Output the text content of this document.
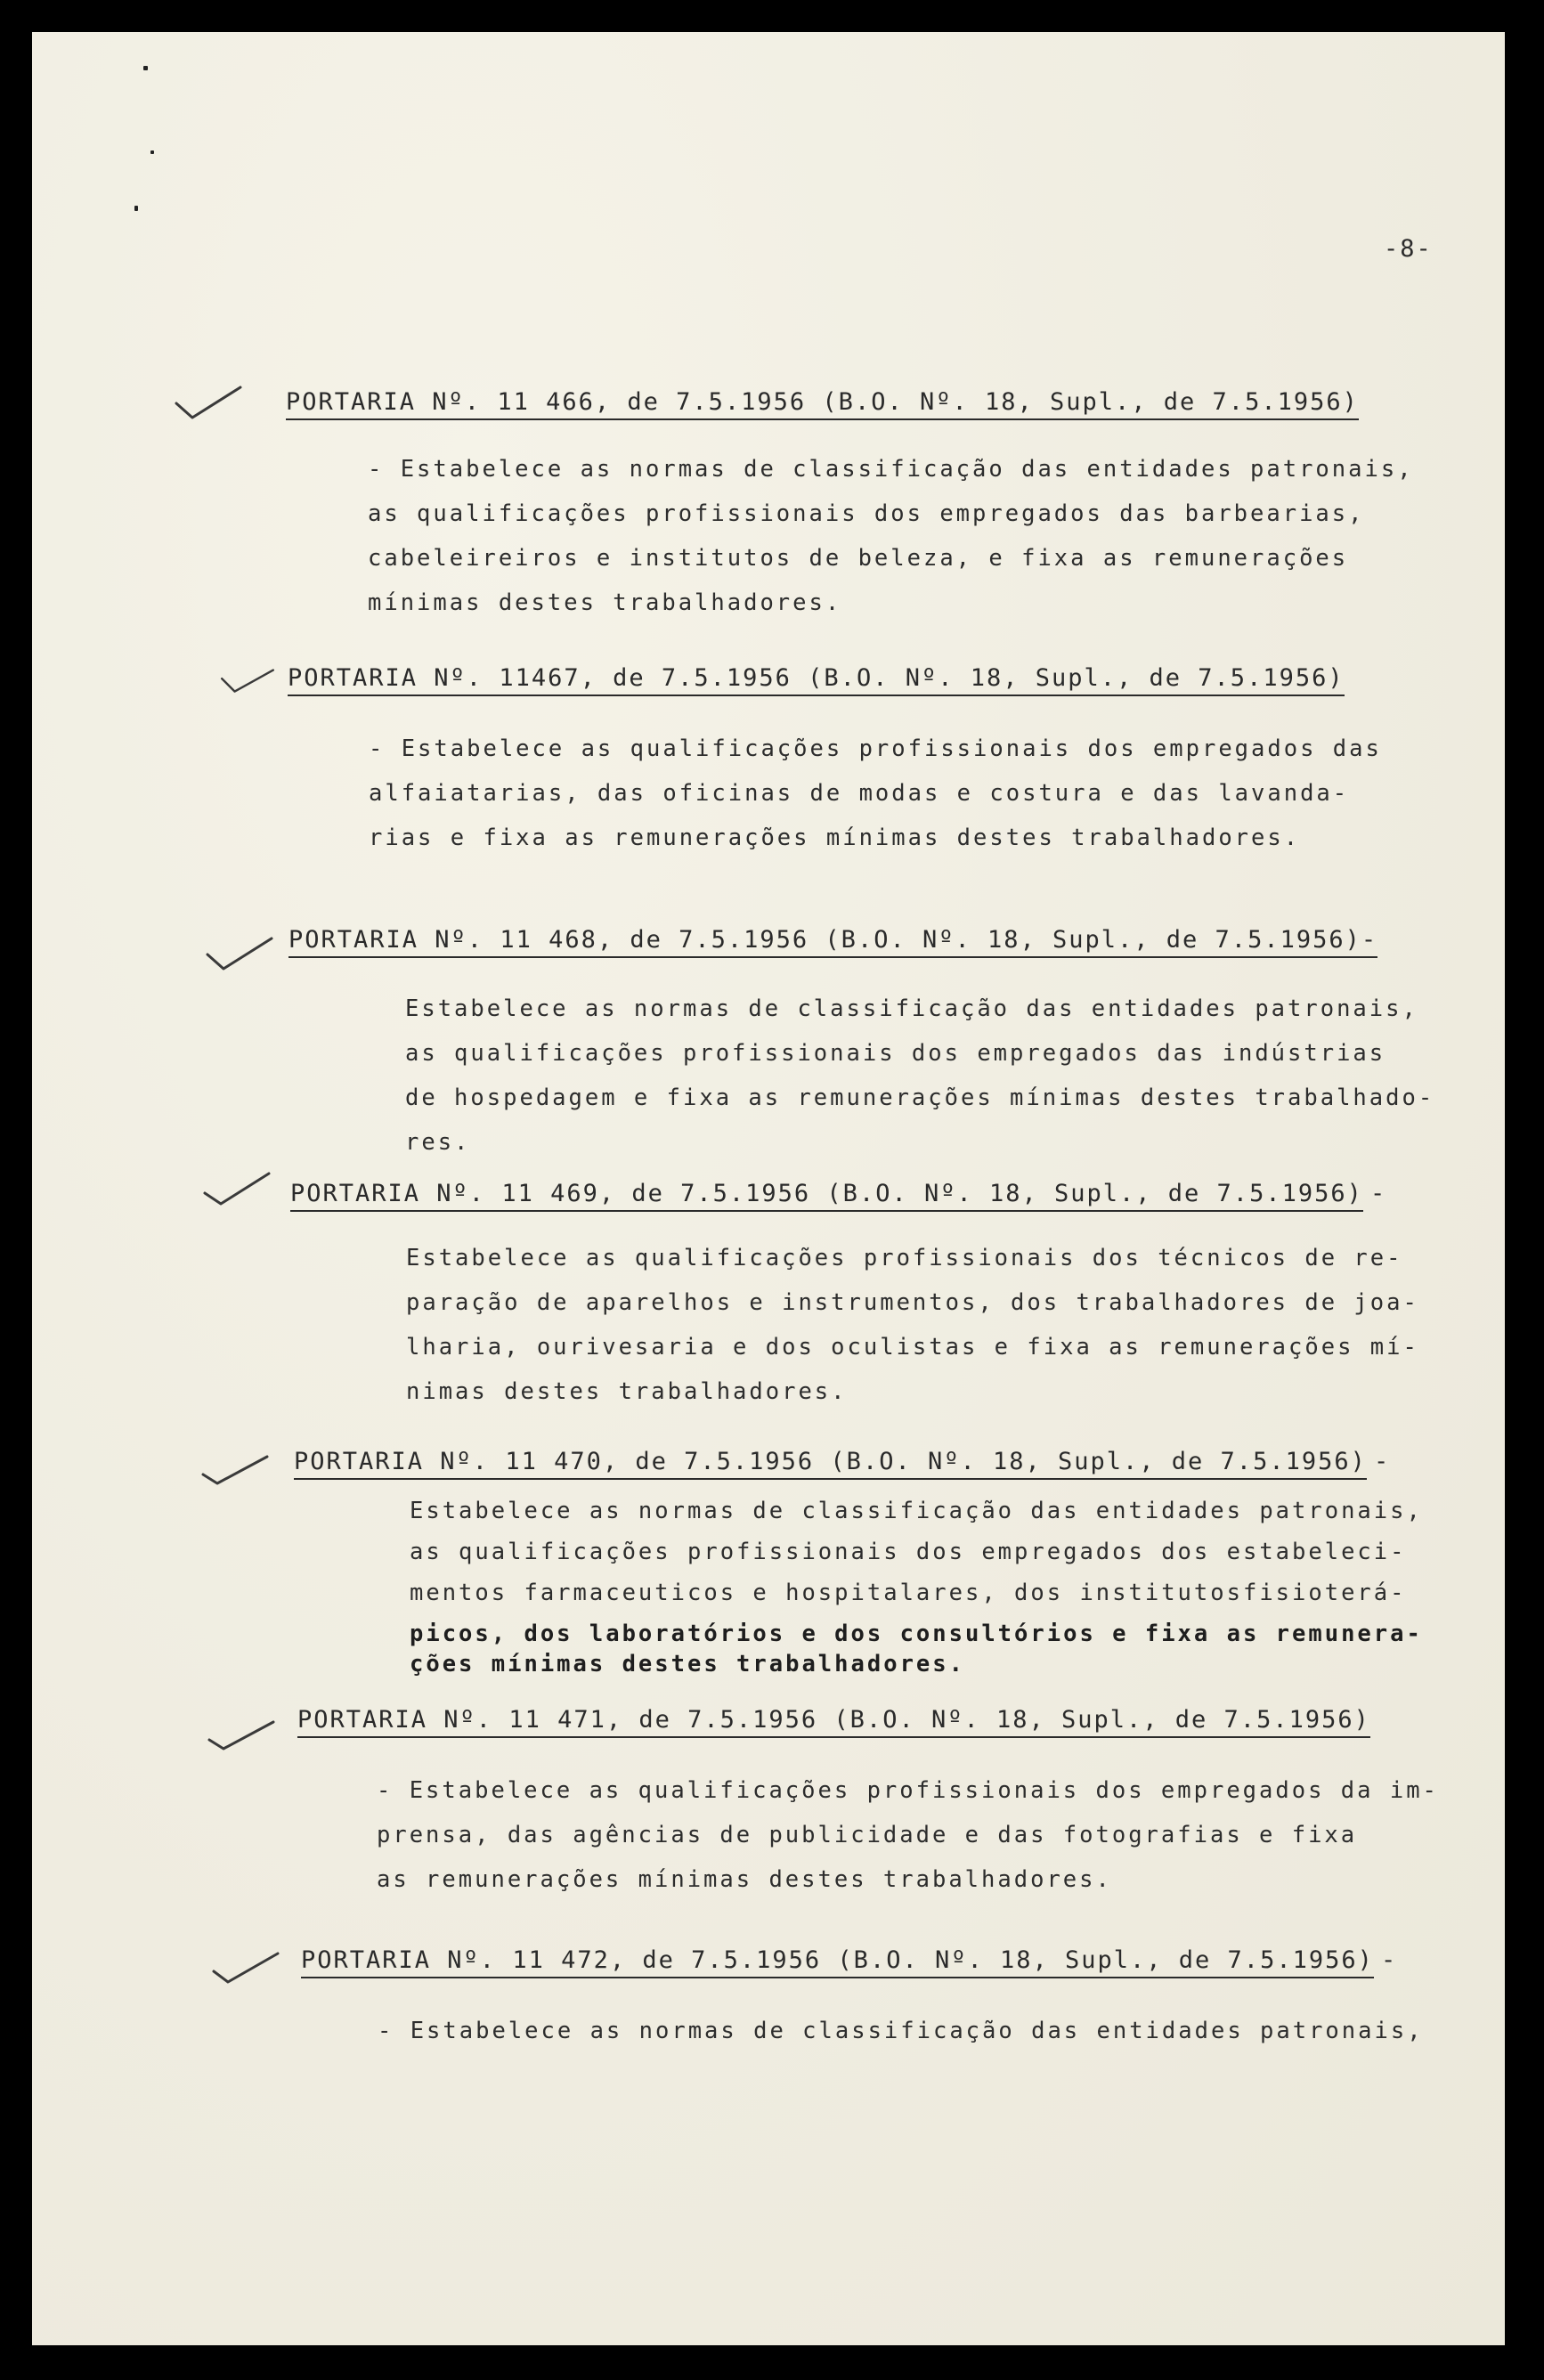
⁠	-8-
PORTARIA Nº. 11 466, de 7.5.1956 (B.O. Nº. 18, Supl., de 7.5.1956)
- Estabelece as normas de classificação das entidades patronais,
as qualificações profissionais dos empregados das barbearias,
cabeleireiros e institutos de beleza, e fixa as remunerações
mínimas destes trabalhadores.
PORTARIA Nº. 11467, de 7.5.1956 (B.O. Nº. 18, Supl., de 7.5.1956)
- Estabelece as qualificações profissionais dos empregados das
alfaiatarias, das oficinas de modas e costura e das lavanda-
rias e fixa as remunerações mínimas destes trabalhadores.
PORTARIA Nº. 11 468, de 7.5.1956 (B.O. Nº. 18, Supl., de 7.5.1956)-
Estabelece as normas de classificação das entidades patronais,
as qualificações profissionais dos empregados das indústrias
de hospedagem e fixa as remunerações mínimas destes trabalhado-
res.
PORTARIA Nº. 11 469, de 7.5.1956 (B.O. Nº. 18, Supl., de 7.5.1956) -
Estabelece as qualificações profissionais dos técnicos de re-
paração de aparelhos e instrumentos, dos trabalhadores de joa-
lharia, ourivesaria e dos oculistas e fixa as remunerações mí-
nimas destes trabalhadores.
PORTARIA Nº. 11 470, de 7.5.1956 (B.O. Nº. 18, Supl., de 7.5.1956) -
Estabelece as normas de classificação das entidades patronais,
as qualificações profissionais dos empregados dos estabeleci-
mentos farmaceuticos e hospitalares, dos institutosfisioterá-
picos, dos laboratórios e dos consultórios e fixa as remunera-
ções mínimas destes trabalhadores.
PORTARIA Nº. 11 471, de 7.5.1956 (B.O. Nº. 18, Supl., de 7.5.1956)
- Estabelece as qualificações profissionais dos empregados da im-
prensa, das agências de publicidade e das fotografias e fixa
as remunerações mínimas destes trabalhadores.
PORTARIA Nº. 11 472, de 7.5.1956 (B.O. Nº. 18, Supl., de 7.5.1956) -
- Estabelece as normas de classificação das entidades patronais,
